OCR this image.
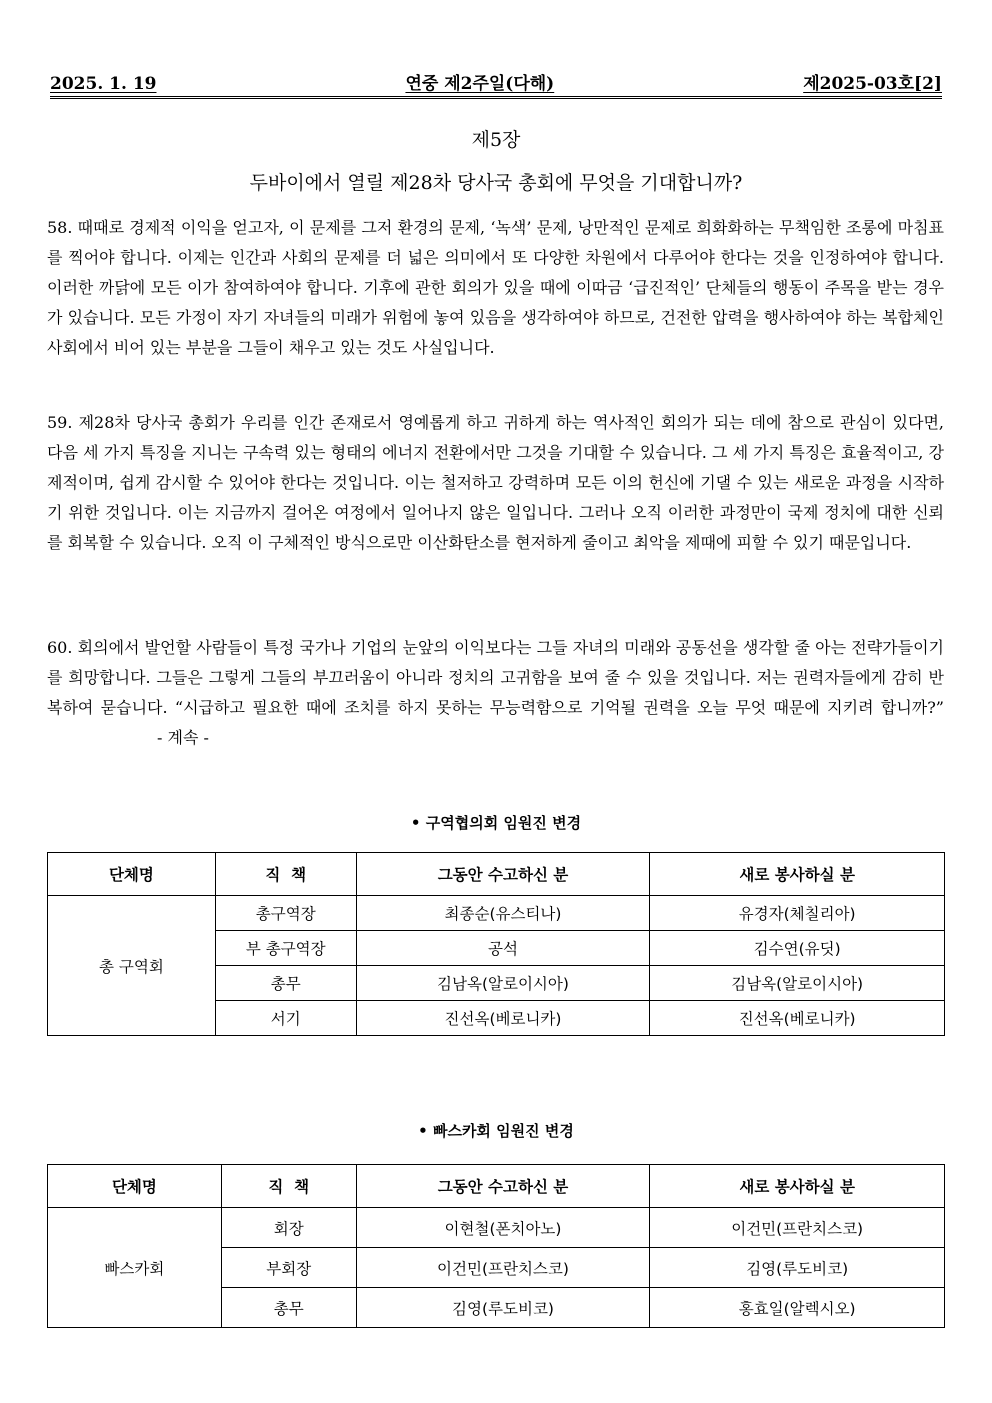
2025. 1. 19	연중 제2주일(다해)	제2025-03호[2]
제5장
두바이에서 열릴 제28차 당사국 총회에 무엇을 기대합니까?

58. 때때로 경제적 이익을 얻고자, 이 문제를 그저 환경의 문제, ‘녹색’ 문제, 낭만적인 문제로 희화화하는 무책임한 조롱에 마침표를 찍어야 합니다. 이제는 인간과 사회의 문제를 더 넓은 의미에서 또 다양한 차원에서 다루어야 한다는 것을 인정하여야 합니다. 이러한 까닭에 모든 이가 참여하여야 합니다. 기후에 관한 회의가 있을 때에 이따금 ‘급진적인’ 단체들의 행동이 주목을 받는 경우가 있습니다. 모든 가정이 자기 자녀들의 미래가 위험에 놓여 있음을 생각하여야 하므로, 건전한 압력을 행사하여야 하는 복합체인 사회에서 비어 있는 부분을 그들이 채우고 있는 것도 사실입니다.

59. 제28차 당사국 총회가 우리를 인간 존재로서 영예롭게 하고 귀하게 하는 역사적인 회의가 되는 데에 참으로 관심이 있다면, 다음 세 가지 특징을 지니는 구속력 있는 형태의 에너지 전환에서만 그것을 기대할 수 있습니다. 그 세 가지 특징은 효율적이고, 강제적이며, 쉽게 감시할 수 있어야 한다는 것입니다. 이는 철저하고 강력하며 모든 이의 헌신에 기댈 수 있는 새로운 과정을 시작하기 위한 것입니다. 이는 지금까지 걸어온 여정에서 일어나지 않은 일입니다. 그러나 오직 이러한 과정만이 국제 정치에 대한 신뢰를 회복할 수 있습니다. 오직 이 구체적인 방식으로만 이산화탄소를 현저하게 줄이고 최악을 제때에 피할 수 있기 때문입니다.

60. 회의에서 발언할 사람들이 특정 국가나 기업의 눈앞의 이익보다는 그들 자녀의 미래와 공동선을 생각할 줄 아는 전략가들이기를 희망합니다. 그들은 그렇게 그들의 부끄러움이 아니라 정치의 고귀함을 보여 줄 수 있을 것입니다. 저는 권력자들에게 감히 반복하여 묻습니다. “시급하고 필요한 때에 조치를 하지 못하는 무능력함으로 기억될 권력을 오늘 무엇 때문에 지키려 합니까?”- 계속 -

• 구역협의회 임원진 변경
단체명	직  책	그동안 수고하신 분	새로 봉사하실 분
총 구역회	총구역장	최종순(유스티나)	유경자(체칠리아)
	부 총구역장	공석	김수연(유딧)
	총무	김남옥(알로이시아)	김남옥(알로이시아)
	서기	진선옥(베로니카)	진선옥(베로니카)
• 빠스카회 임원진 변경
단체명	직  책	그동안 수고하신 분	새로 봉사하실 분
빠스카회	회장	이현철(폰치아노)	이건민(프란치스코)
	부회장	이건민(프란치스코)	김영(루도비코)
	총무	김영(루도비코)	홍효일(알렉시오)
